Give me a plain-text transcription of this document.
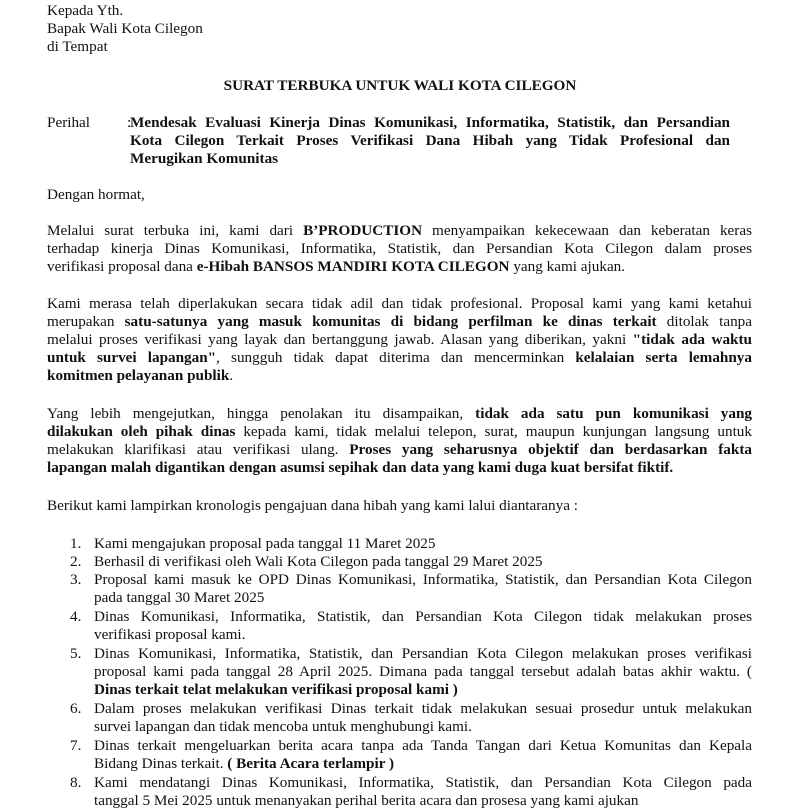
Kepada Yth.

Bapak Wali Kota Cilegon

di Tempat

SURAT TERBUKA UNTUK WALI KOTA CILEGON

Perihal :

Mendesak Evaluasi Kinerja Dinas Komunikasi, Informatika, Statistik, dan Persandian

Kota Cilegon Terkait Proses Verifikasi Dana Hibah yang Tidak Profesional dan

Merugikan Komunitas

Dengan hormat,

Melalui surat terbuka ini, kami dari B’PRODUCTION menyampaikan kekecewaan dan keberatan keras

terhadap kinerja Dinas Komunikasi, Informatika, Statistik, dan Persandian Kota Cilegon dalam proses

verifikasi proposal dana e-Hibah BANSOS MANDIRI KOTA CILEGON yang kami ajukan.

Kami merasa telah diperlakukan secara tidak adil dan tidak profesional. Proposal kami yang kami ketahui

merupakan satu-satunya yang masuk komunitas di bidang perfilman ke dinas terkait ditolak tanpa

melalui proses verifikasi yang layak dan bertanggung jawab. Alasan yang diberikan, yakni "tidak ada waktu

untuk survei lapangan", sungguh tidak dapat diterima dan mencerminkan kelalaian serta lemahnya

komitmen pelayanan publik.

Yang lebih mengejutkan, hingga penolakan itu disampaikan, tidak ada satu pun komunikasi yang

dilakukan oleh pihak dinas kepada kami, tidak melalui telepon, surat, maupun kunjungan langsung untuk

melakukan klarifikasi atau verifikasi ulang. Proses yang seharusnya objektif dan berdasarkan fakta

lapangan malah digantikan dengan asumsi sepihak dan data yang kami duga kuat bersifat fiktif.

Berikut kami lampirkan kronologis pengajuan dana hibah yang kami lalui diantaranya :

1. Kami mengajukan proposal pada tanggal 11 Maret 2025

2. Berhasil di verifikasi oleh Wali Kota Cilegon pada tanggal 29 Maret 2025

3. Proposal kami masuk ke OPD Dinas Komunikasi, Informatika, Statistik, dan Persandian Kota Cilegon

pada tanggal 30 Maret 2025

4. Dinas Komunikasi, Informatika, Statistik, dan Persandian Kota Cilegon tidak melakukan proses

verifikasi proposal kami.

5. Dinas Komunikasi, Informatika, Statistik, dan Persandian Kota Cilegon melakukan proses verifikasi

proposal kami pada tanggal 28 April 2025. Dimana pada tanggal tersebut adalah batas akhir waktu. (

Dinas terkait telat melakukan verifikasi proposal kami )

6. Dalam proses melakukan verifikasi Dinas terkait tidak melakukan sesuai prosedur untuk melakukan

survei lapangan dan tidak mencoba untuk menghubungi kami.

7. Dinas terkait mengeluarkan berita acara tanpa ada Tanda Tangan dari Ketua Komunitas dan Kepala

Bidang Dinas terkait. ( Berita Acara terlampir )

8. Kami mendatangi Dinas Komunikasi, Informatika, Statistik, dan Persandian Kota Cilegon pada

tanggal 5 Mei 2025 untuk menanyakan perihal berita acara dan prosesa yang kami ajukan
